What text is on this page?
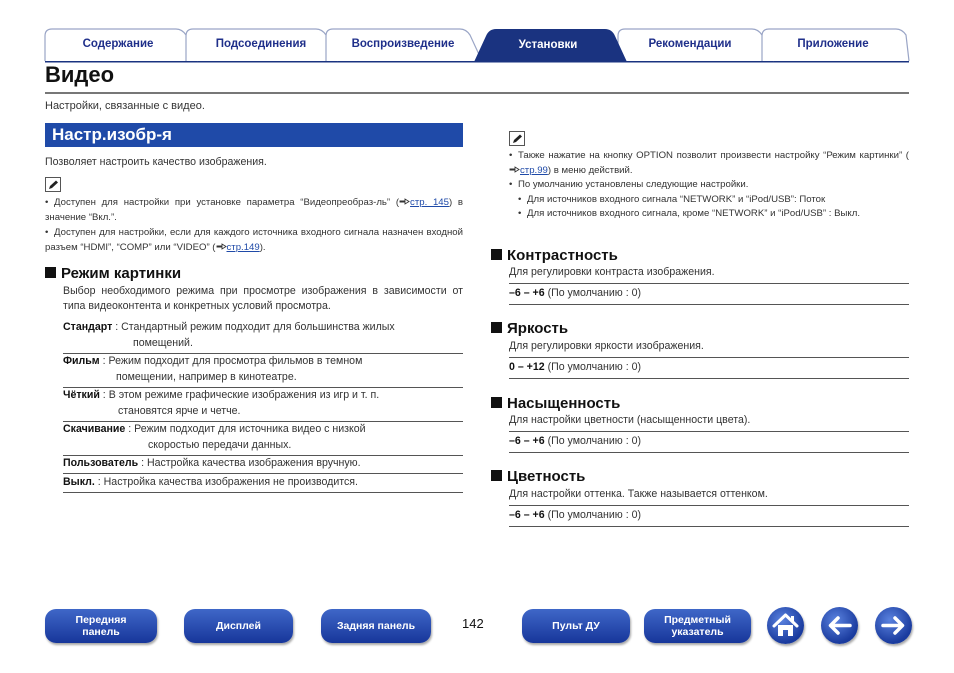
Содержание	Подсоединения	Воспроизведение	Установки	Рекомендации	Приложение
Видео
Настройки, связанные с видео.
Настр.изобр-я
Позволяет настроить качество изображения.
• Доступен для настройки при установке параметра “Видеопреобраз-ль” ( стр. 145) в значение “Вкл.”.
• Доступен для настройки, если для каждого источника входного сигнала назначен входной разъем “HDMI”, “COMP” или “VIDEO” ( стр.149).
Режим картинки
Выбор необходимого режима при просмотре изображения в зависимости от типа видеоконтента и конкретных условий просмотра.
Стандарт : Стандартный режим подходит для большинства жилых
помещений.
Фильм : Режим подходит для просмотра фильмов в темном
помещении, например в кинотеатре.
Чёткий : В этом режиме графические изображения из игр и т. п.
становятся ярче и четче.
Скачивание : Режим подходит для источника видео с низкой
скоростью передачи данных.
Пользователь : Настройка качества изображения вручную.
Выкл. : Настройка качества изображения не производится.
• Также нажатие на кнопку OPTION позволит произвести настройку “Режим картинки” (стр.99) в меню действий.
• По умолчанию установлены следующие настройки.
• Для источников входного сигнала “NETWORK” и “iPod/USB”: Поток
• Для источников входного сигнала, кроме “NETWORK” и “iPod/USB” : Выкл.
Контрастность
Для регулировки контраста изображения.
–6 – +6 (По умолчанию : 0)
Яркость
Для регулировки яркости изображения.
0 – +12 (По умолчанию : 0)
Насыщенность
Для настройки цветности (насыщенности цвета).
–6 – +6 (По умолчанию : 0)
Цветность
Для настройки оттенка. Также называется оттенком.
–6 – +6 (По умолчанию : 0)
Передняя
панель	Дисплей	Задняя панель	142	Пульт ДУ	Предметный
указатель
